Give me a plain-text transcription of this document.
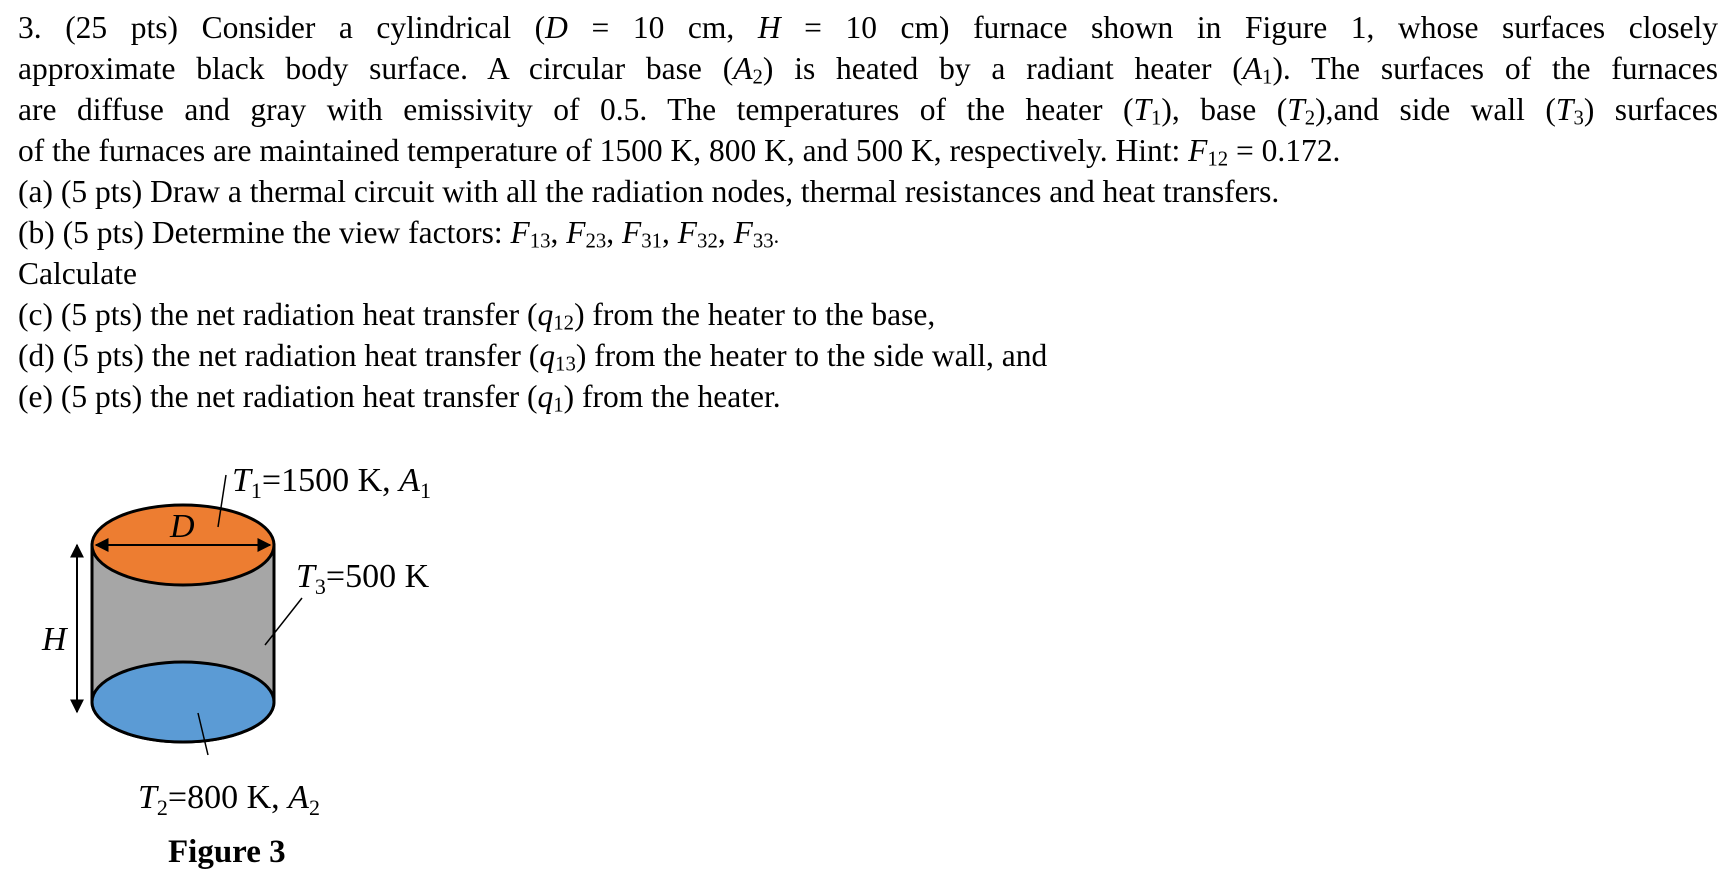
3. (25 pts) Consider a cylindrical (D = 10 cm, H = 10 cm) furnace shown in Figure 1, whose surfaces closely
approximate black body surface. A circular base $(A_2)$ is heated by a radiant heater $(A_1)$. The surfaces of the furnaces
are diffuse and gray with emissivity of 0.5. The temperatures of the heater $(T_1)$, base $(T_2),and$ side wall $(T_3)$ surfaces
of the furnaces are maintained temperature of 1500 K, 800 K, and 500 K, respectively. Hint: $F_{12} = 0.172$.
(a) (5 pts) Draw a thermal circuit with all the radiation nodes, thermal resistances and heat transfers.
(b) (5 pts) Determine the view factors: $F_{13}$, $F_{23}$, $F_{31}$, $F_{32}$, $F_{33}$.
Calculate
(c) (5 pts) the net radiation heat transfer $(q_{12})$ from the heater to the base,
(d) (5 pts) the net radiation heat transfer $(q_{13})$ from the heater to the side wall, and
(e) (5 pts) the net radiation heat transfer $(q_1)$ from the heater.
D
H
$T_1=1500$ K, $A_1$
$T_3=500$ K
$T_2=800$ K, $A_2$
Figure 3
